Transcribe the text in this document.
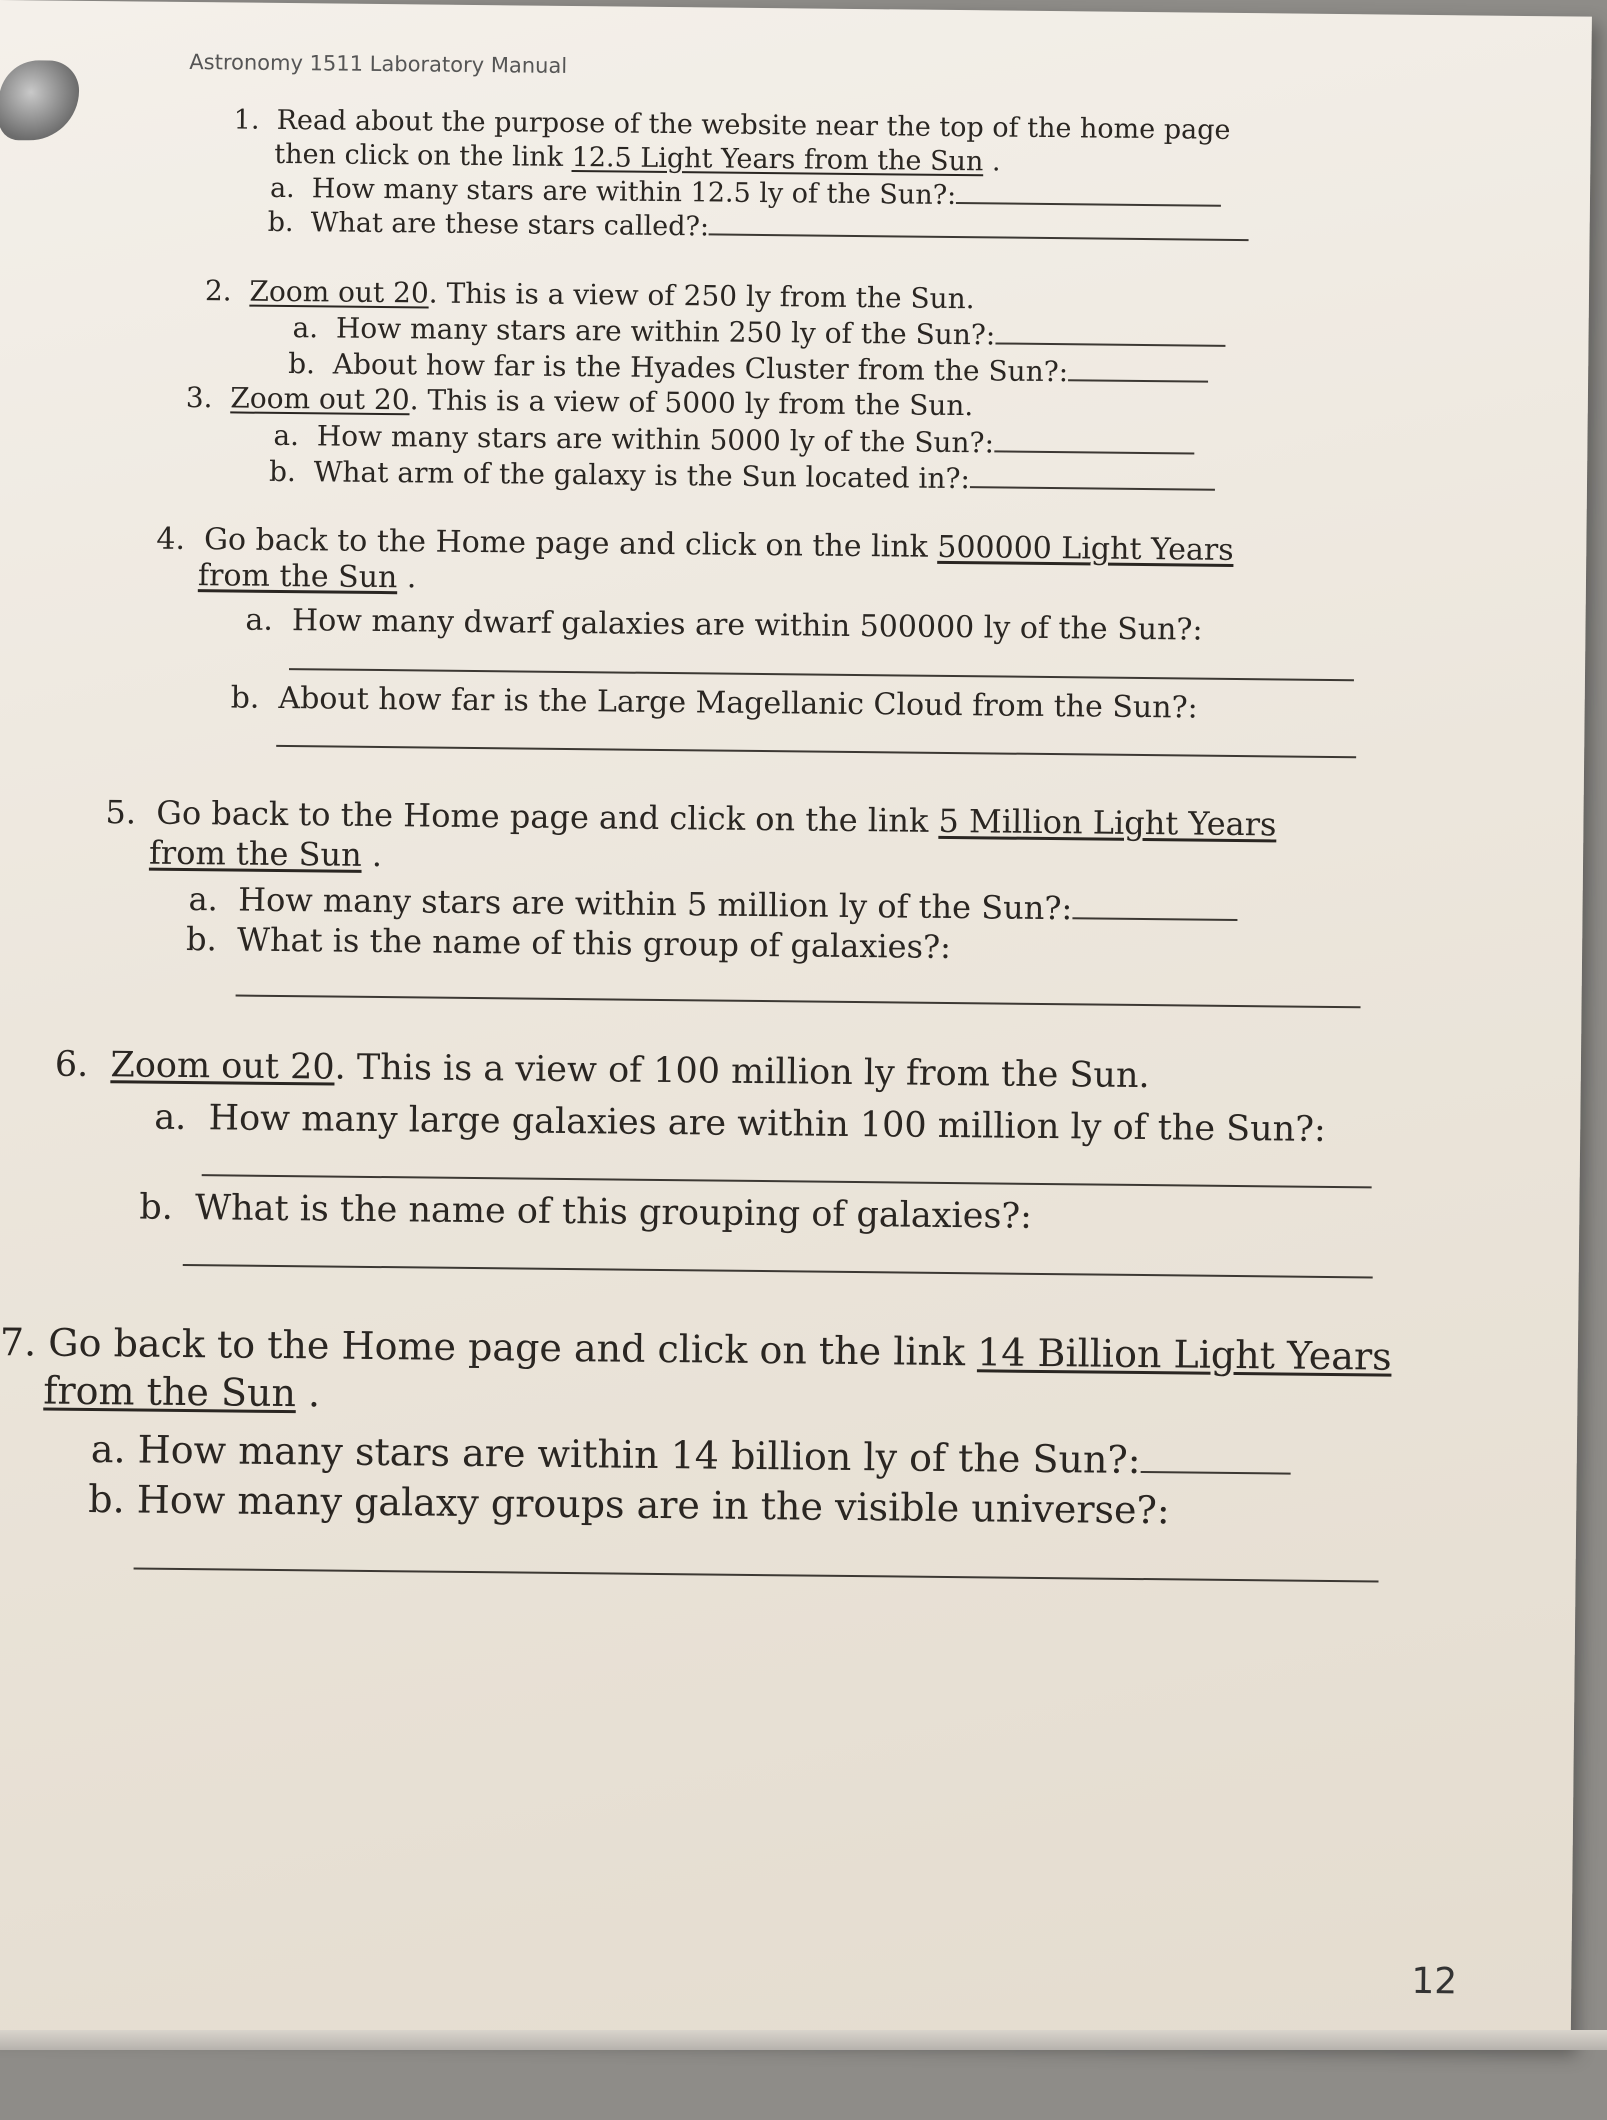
Astronomy 1511 Laboratory Manual
1. Read about the purpose of the website near the top of the home page
then click on the link 12.5 Light Years from the Sun .
a. How many stars are within 12.5 ly of the Sun?:
b. What are these stars called?:
2. Zoom out 20. This is a view of 250 ly from the Sun.
a. How many stars are within 250 ly of the Sun?:
b. About how far is the Hyades Cluster from the Sun?:
3. Zoom out 20. This is a view of 5000 ly from the Sun.
a. How many stars are within 5000 ly of the Sun?:
b. What arm of the galaxy is the Sun located in?:
4. Go back to the Home page and click on the link 500000 Light Years
from the Sun .
a. How many dwarf galaxies are within 500000 ly of the Sun?:
b. About how far is the Large Magellanic Cloud from the Sun?:
5. Go back to the Home page and click on the link 5 Million Light Years
from the Sun .
a. How many stars are within 5 million ly of the Sun?:
b. What is the name of this group of galaxies?:
6. Zoom out 20. This is a view of 100 million ly from the Sun.
a. How many large galaxies are within 100 million ly of the Sun?:
b. What is the name of this grouping of galaxies?:
7. Go back to the Home page and click on the link 14 Billion Light Years
from the Sun .
a. How many stars are within 14 billion ly of the Sun?:
b. How many galaxy groups are in the visible universe?:
12
